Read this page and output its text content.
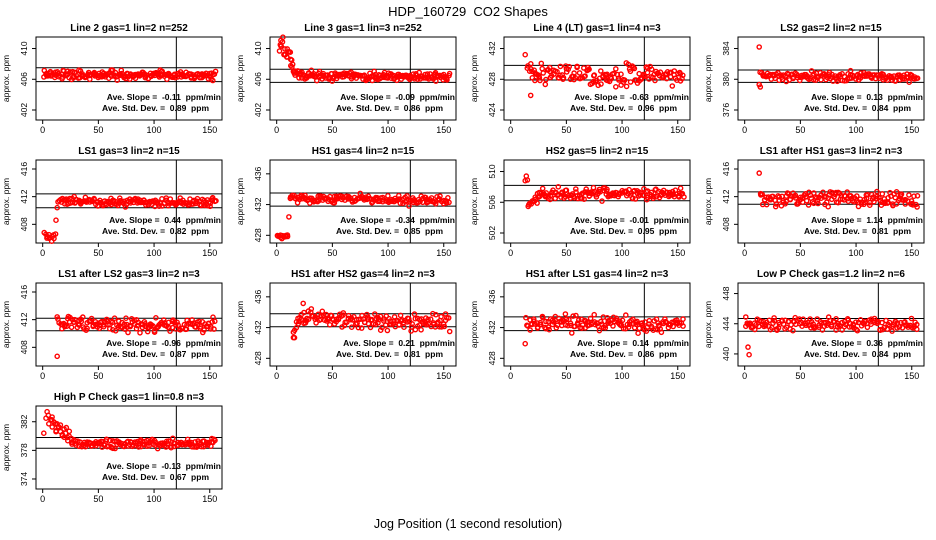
HDP_160729  CO2 Shapes
Line 2 gas=1 lin=2 n=252
approx. ppm
402
406
410
0	50	100	150
Ave. Slope =  -0.11  ppm/min
Ave. Std. Dev. =  0.89  ppm
Line 3 gas=1 lin=3 n=252
approx. ppm
402
406
410
0	50	100	150
Ave. Slope =  -0.09  ppm/min
Ave. Std. Dev. =  0.86  ppm
Line 4 (LT) gas=1 lin=4 n=3
approx. ppm
424
428
432
0	50	100	150
Ave. Slope =  -0.63  ppm/min
Ave. Std. Dev. =  0.96  ppm
LS2 gas=2 lin=2 n=15
approx. ppm
376
380
384
0	50	100	150
Ave. Slope =  0.13  ppm/min
Ave. Std. Dev. =  0.84  ppm
LS1 gas=3 lin=2 n=15
approx. ppm 408
412
416
0	50	100	150
Ave. Slope =  0.44  ppm/min
Ave. Std. Dev. =  0.82  ppm
HS1 gas=4 lin=2 n=15
approx. ppm
428
432
436
0	50	100	150
Ave. Slope =  -0.34  ppm/min
Ave. Std. Dev. =  0.85  ppm
HS2 gas=5 lin=2 n=15
approx. ppm
502
506
510
0	50	100	150
Ave. Slope =  -0.01  ppm/min
Ave. Std. Dev. =  0.95  ppm
LS1 after HS1 gas=3 lin=2 n=3
approx. ppm 408
412
416
0	50	100	150
Ave. Slope =  1.14  ppm/min
Ave. Std. Dev. =  0.81  ppm
LS1 after LS2 gas=3 lin=2 n=3
approx. ppm 408
412
416
0	50	100	150
Ave. Slope =  -0.96  ppm/min
Ave. Std. Dev. =  0.87  ppm
HS1 after HS2 gas=4 lin=2 n=3
approx. ppm
428
432
436
0	50	100	150
Ave. Slope =  0.21  ppm/min
Ave. Std. Dev. =  0.81  ppm
HS1 after LS1 gas=4 lin=2 n=3
approx. ppm
428
432
436
0	50	100	150
Ave. Slope =  0.14  ppm/min
Ave. Std. Dev. =  0.86  ppm
Low P Check gas=1.2 lin=2 n=6
approx. ppm
440
444
448
0	50	100	150
Ave. Slope =  0.36  ppm/min
Ave. Std. Dev. =  0.84  ppm
High P Check gas=1 lin=0.8 n=3
approx. ppm
374
378
382
0	50	100	150
Ave. Slope =  -0.13  ppm/min
Ave. Std. Dev. =  0.67  ppm
Jog Position (1 second resolution)
